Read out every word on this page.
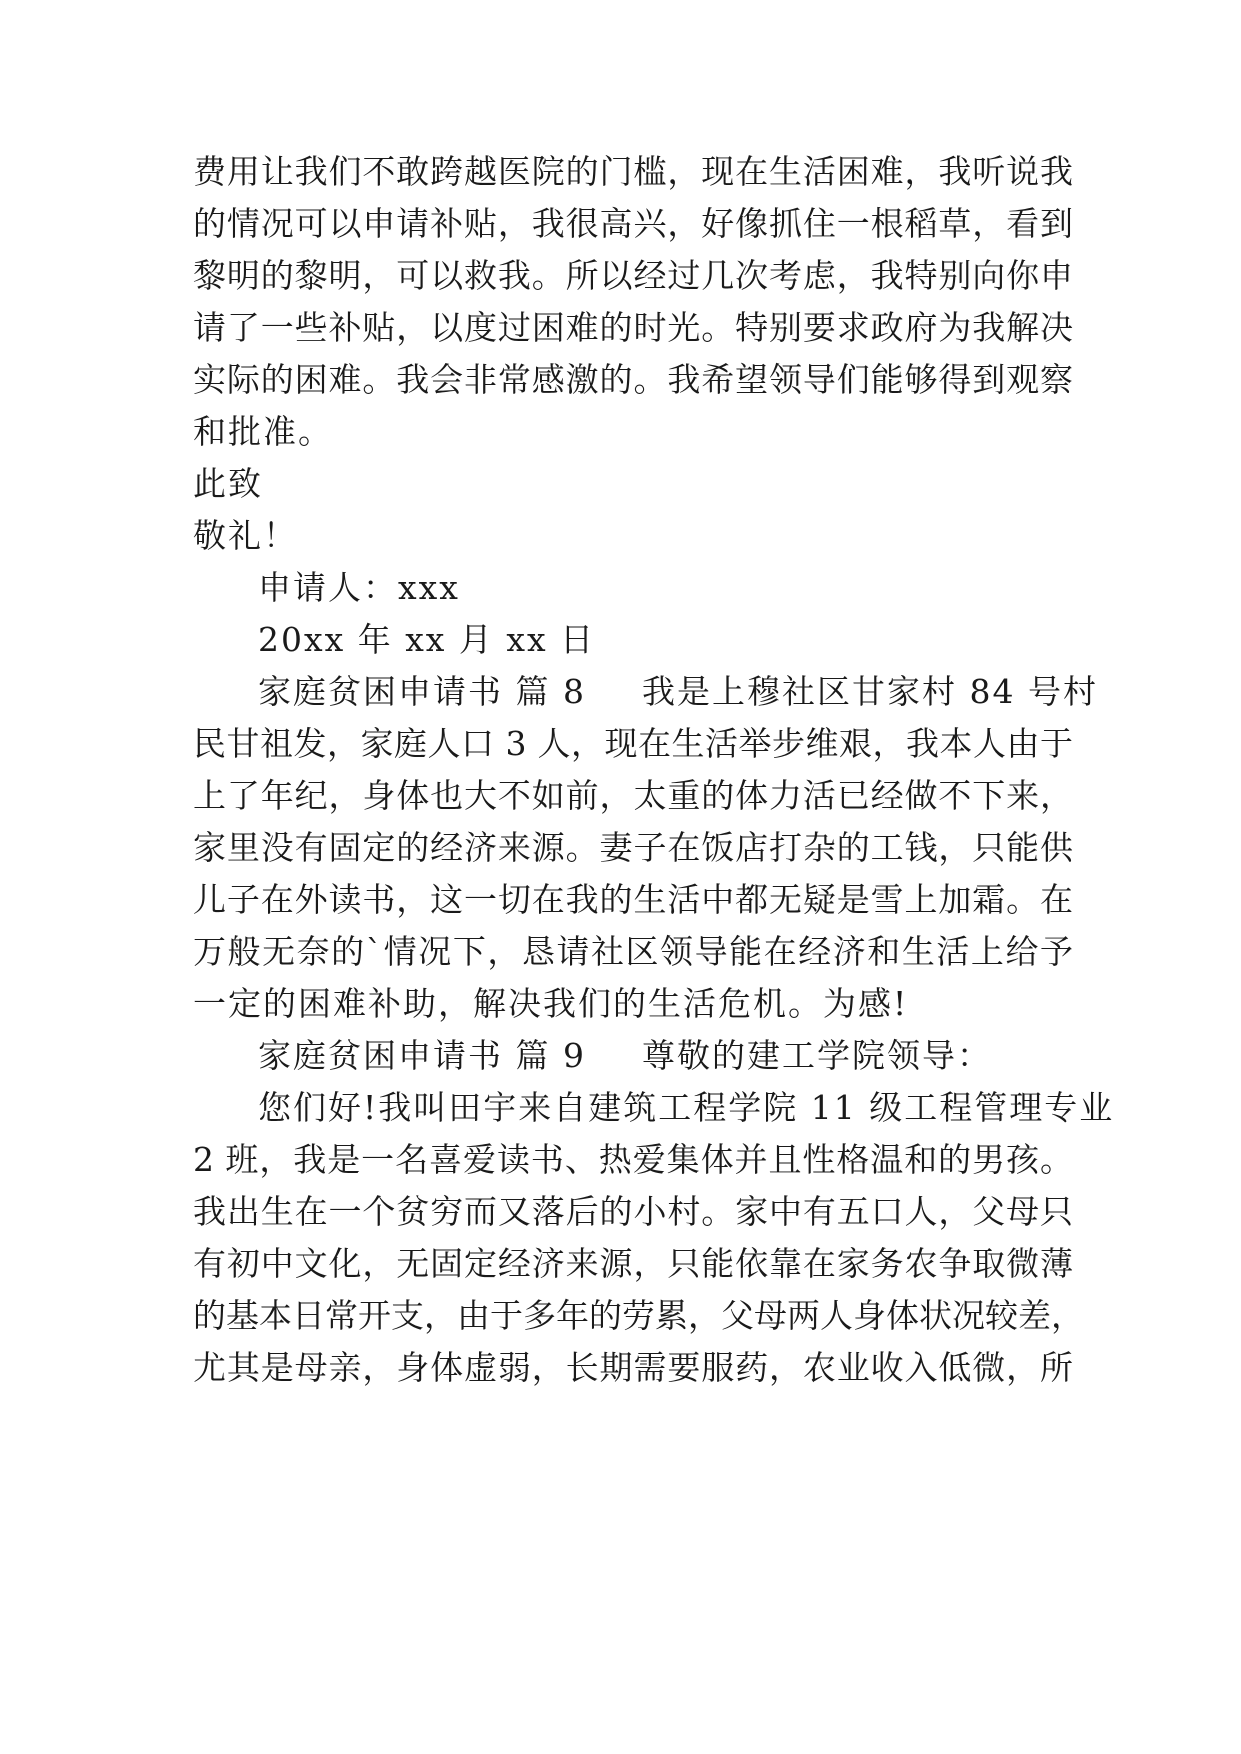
费用让我们不敢跨越医院的门槛，现在生活困难，我听说我
的情况可以申请补贴，我很高兴，好像抓住一根稻草，看到
黎明的黎明，可以救我。所以经过几次考虑，我特别向你申
请了一些补贴，以度过困难的时光。特别要求政府为我解决
实际的困难。我会非常感激的。我希望领导们能够得到观察
和批准。
此致
敬礼！
申请人：xxx
20xx 年 xx 月 xx 日
家庭贫困申请书 篇 8 我是上穆社区甘家村 84 号村
民甘祖发，家庭人口 3 人，现在生活举步维艰，我本人由于
上了年纪，身体也大不如前，太重的体力活已经做不下来，
家里没有固定的经济来源。妻子在饭店打杂的工钱，只能供
儿子在外读书，这一切在我的生活中都无疑是雪上加霜。在
万般无奈的`情况下，恳请社区领导能在经济和生活上给予
一定的困难补助，解决我们的生活危机。为感!
家庭贫困申请书 篇 9 尊敬的建工学院领导：
您们好!我叫田宇来自建筑工程学院 11 级工程管理专业
2 班，我是一名喜爱读书、热爱集体并且性格温和的男孩。
我出生在一个贫穷而又落后的小村。家中有五口人，父母只
有初中文化，无固定经济来源，只能依靠在家务农争取微薄
的基本日常开支，由于多年的劳累，父母两人身体状况较差，
尤其是母亲，身体虚弱，长期需要服药，农业收入低微，所
